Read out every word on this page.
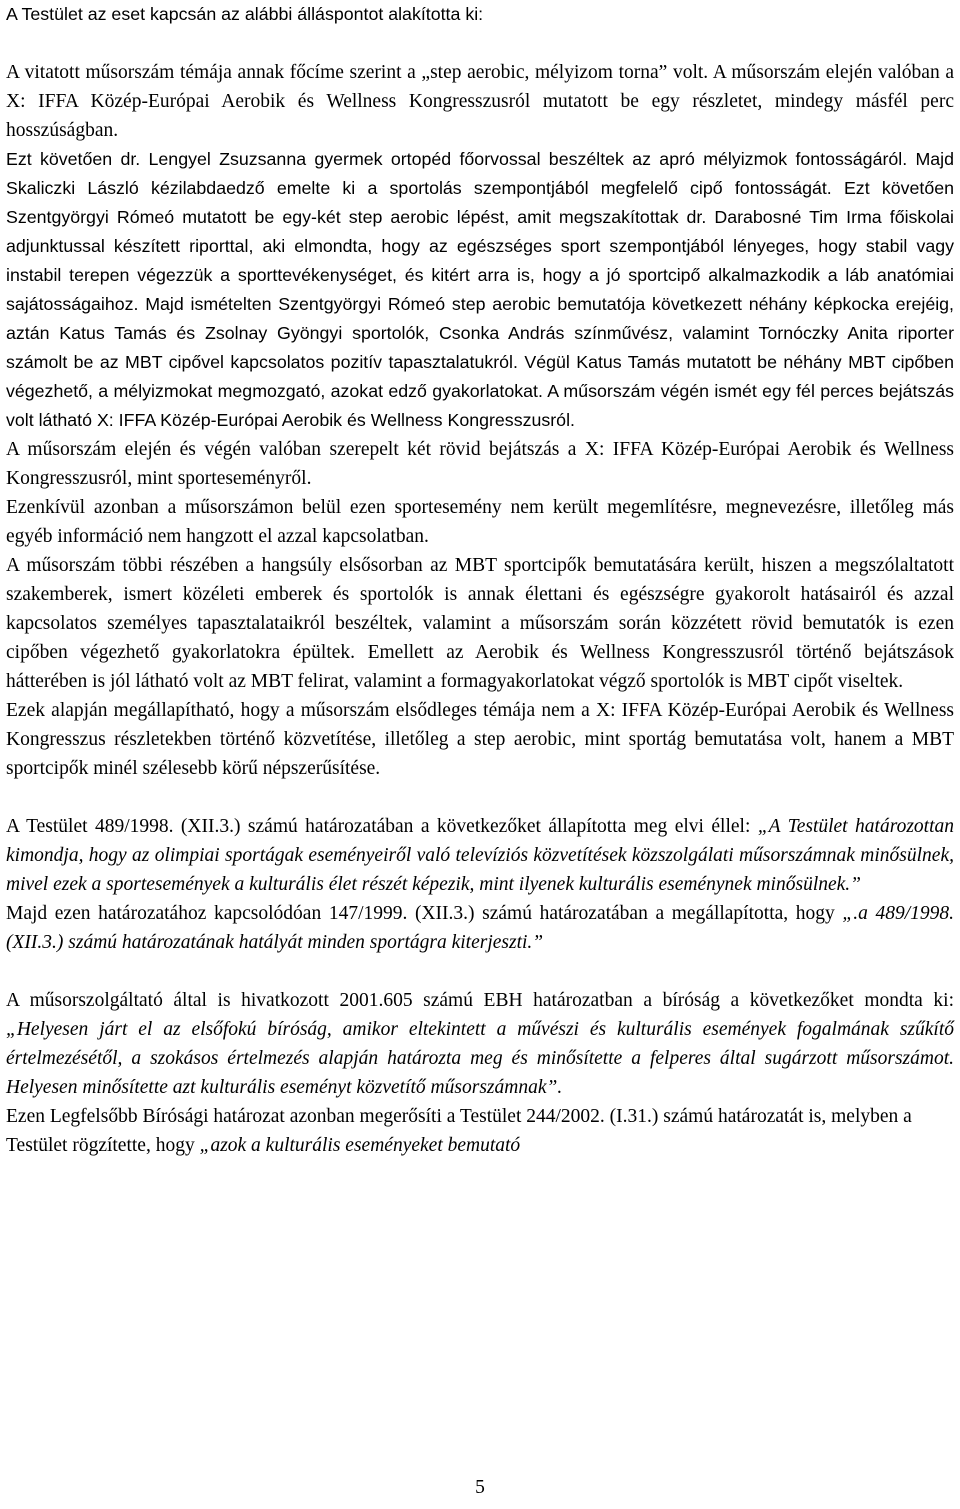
A Testület az eset kapcsán az alábbi álláspontot alakította ki:

A vitatott műsorszám témája annak főcíme szerint a „step aerobic, mélyizom torna” volt. A műsorszám elején valóban a X: IFFA Közép-Európai Aerobik és Wellness Kongresszusról mutatott be egy részletet, mindegy másfél perc hosszúságban.
Ezt követően dr. Lengyel Zsuzsanna gyermek ortopéd főorvossal beszéltek az apró mélyizmok fontosságáról. Majd Skaliczki László kézilabdaedző emelte ki a sportolás szempontjából megfelelő cipő fontosságát. Ezt követően Szentgyörgyi Rómeó mutatott be egy-két step aerobic lépést, amit megszakítottak dr. Darabosné Tim Irma főiskolai adjunktussal készített riporttal, aki elmondta, hogy az egészséges sport szempontjából lényeges, hogy stabil vagy instabil terepen végezzük a sporttevékenységet, és kitért arra is, hogy a jó sportcipő alkalmazkodik a láb anatómiai sajátosságaihoz. Majd ismételten Szentgyörgyi Rómeó step aerobic bemutatója következett néhány képkocka erejéig, aztán Katus Tamás és Zsolnay Gyöngyi sportolók, Csonka András színművész, valamint Tornóczky Anita riporter számolt be az MBT cipővel kapcsolatos pozitív tapasztalatukról. Végül Katus Tamás mutatott be néhány MBT cipőben végezhető, a mélyizmokat megmozgató, azokat edző gyakorlatokat. A műsorszám végén ismét egy fél perces bejátszás volt látható X: IFFA Közép-Európai Aerobik és Wellness Kongresszusról.

A műsorszám elején és végén valóban szerepelt két rövid bejátszás a X: IFFA Közép-Európai Aerobik és Wellness Kongresszusról, mint sporteseményről.

Ezenkívül azonban a műsorszámon belül ezen sportesemény nem került megemlítésre, megnevezésre, illetőleg más egyéb információ nem hangzott el azzal kapcsolatban.

A műsorszám többi részében a hangsúly elsősorban az MBT sportcipők bemutatására került, hiszen a megszólaltatott szakemberek, ismert közéleti emberek és sportolók is annak élettani és egészségre gyakorolt hatásairól és azzal kapcsolatos személyes tapasztalataikról beszéltek, valamint a műsorszám során közzétett rövid bemutatók is ezen cipőben végezhető gyakorlatokra épültek. Emellett az Aerobik és Wellness Kongresszusról történő bejátszások hátterében is jól látható volt az MBT felirat, valamint a formagyakorlatokat végző sportolók is MBT cipőt viseltek.

Ezek alapján megállapítható, hogy a műsorszám elsődleges témája nem a X: IFFA Közép-Európai Aerobik és Wellness Kongresszus részletekben történő közvetítése, illetőleg a step aerobic, mint sportág bemutatása volt, hanem a MBT sportcipők minél szélesebb körű népszerűsítése.

A Testület 489/1998. (XII.3.) számú határozatában a következőket állapította meg elvi éllel: „A Testület határozottan kimondja, hogy az olimpiai sportágak eseményeiről való televíziós közvetítések közszolgálati műsorszámnak minősülnek, mivel ezek a sportesemények a kulturális élet részét képezik, mint ilyenek kulturális eseménynek minősülnek.”

Majd ezen határozatához kapcsolódóan 147/1999. (XII.3.) számú határozatában a megállapította, hogy „.a 489/1998. (XII.3.) számú határozatának hatályát minden sportágra kiterjeszti.”

A műsorszolgáltató által is hivatkozott 2001.605 számú EBH határozatban a bíróság a következőket mondta ki: „Helyesen járt el az elsőfokú bíróság, amikor eltekintett a művészi és kulturális események fogalmának szűkítő értelmezésétől, a szokásos értelmezés alapján határozta meg és minősítette a felperes által sugárzott műsorszámot. Helyesen minősítette azt kulturális eseményt közvetítő műsorszámnak”.

Ezen Legfelsőbb Bírósági határozat azonban megerősíti a Testület 244/2002. (I.31.) számú határozatát is, melyben a Testület rögzítette, hogy „azok a kulturális eseményeket bemutató

5
